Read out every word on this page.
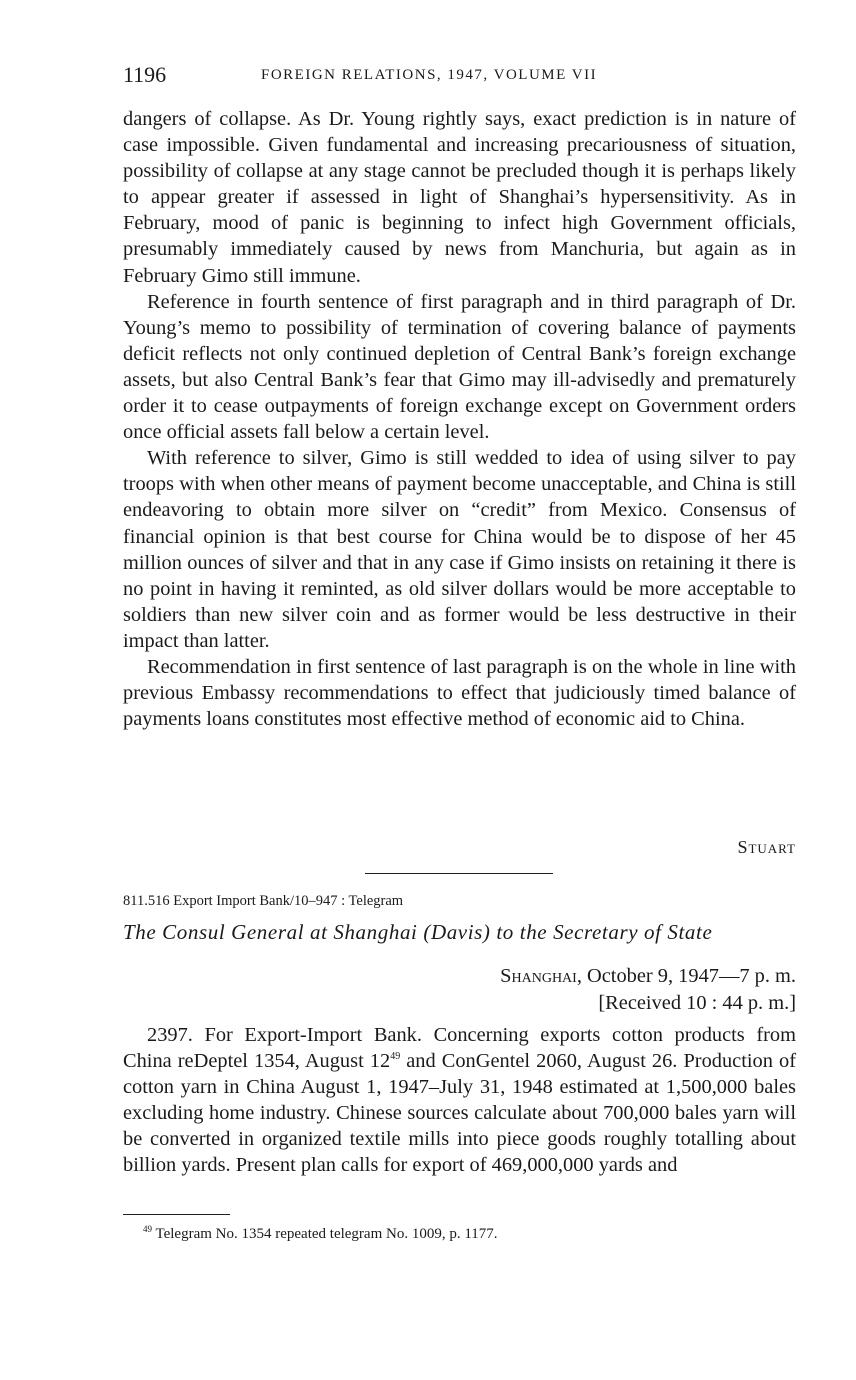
1196	FOREIGN RELATIONS, 1947, VOLUME VII

dangers of collapse. As Dr. Young rightly says, exact prediction is in nature of case impossible. Given fundamental and increasing precariousness of situation, possibility of collapse at any stage cannot be precluded though it is perhaps likely to appear greater if assessed in light of Shanghai’s hypersensitivity. As in February, mood of panic is beginning to infect high Government officials, presumably immediately caused by news from Manchuria, but again as in February Gimo still immune.

Reference in fourth sentence of first paragraph and in third paragraph of Dr. Young’s memo to possibility of termination of covering balance of payments deficit reflects not only continued depletion of Central Bank’s foreign exchange assets, but also Central Bank’s fear that Gimo may ill-advisedly and prematurely order it to cease outpayments of foreign exchange except on Government orders once official assets fall below a certain level.

With reference to silver, Gimo is still wedded to idea of using silver to pay troops with when other means of payment become unacceptable, and China is still endeavoring to obtain more silver on “credit” from Mexico. Consensus of financial opinion is that best course for China would be to dispose of her 45 million ounces of silver and that in any case if Gimo insists on retaining it there is no point in having it reminted, as old silver dollars would be more acceptable to soldiers than new silver coin and as former would be less destructive in their impact than latter.

Recommendation in first sentence of last paragraph is on the whole in line with previous Embassy recommendations to effect that judiciously timed balance of payments loans constitutes most effective method of economic aid to China.

Stuart
811.516 Export Import Bank/10–947 : Telegram
The Consul General at Shanghai (Davis) to the Secretary of State
Shanghai, October 9, 1947—7 p. m.
[Received 10 : 44 p. m.]

2397. For Export-Import Bank. Concerning exports cotton products from China reDeptel 1354, August $12^{49}$ and ConGentel 2060, August 26. Production of cotton yarn in China August 1, 1947–July 31, 1948 estimated at 1,500,000 bales excluding home industry. Chinese sources calculate about 700,000 bales yarn will be converted in organized textile mills into piece goods roughly totalling about billion yards. Present plan calls for export of 469,000,000 yards and

$^{49}$ Telegram No. 1354 repeated telegram No. 1009, p. 1177.
